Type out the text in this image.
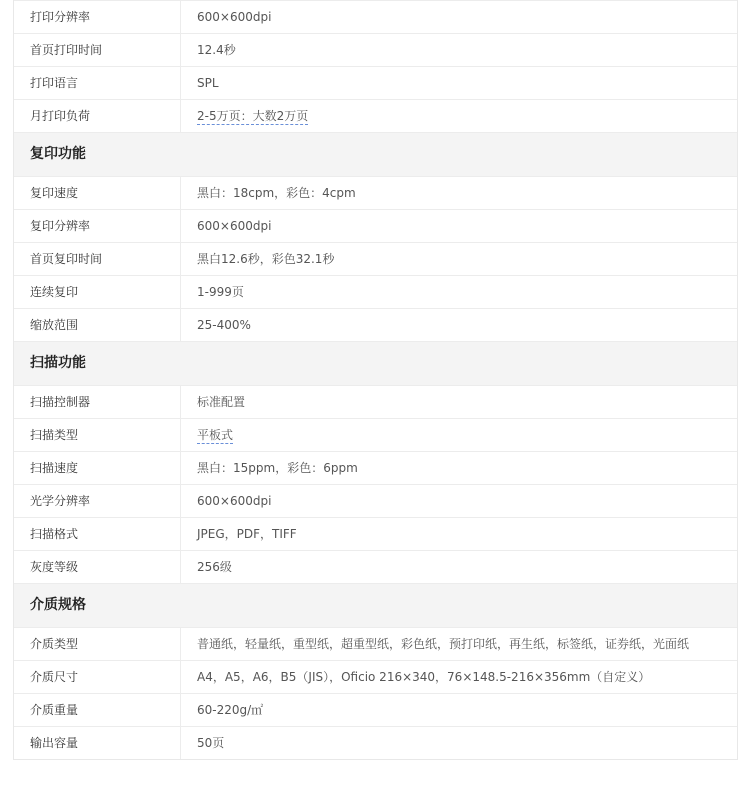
打印分辨率	600×600dpi
首页打印时间	12.4秒
打印语言	SPL
月打印负荷	2-5万页：大数2万页
复印功能
复印速度	黑白：18cpm，彩色：4cpm
复印分辨率	600×600dpi
首页复印时间	黑白12.6秒，彩色32.1秒
连续复印	1-999页
缩放范围	25-400%
扫描功能
扫描控制器	标准配置
扫描类型	平板式
扫描速度	黑白：15ppm，彩色：6ppm
光学分辨率	600×600dpi
扫描格式	JPEG，PDF，TIFF
灰度等级	256级
介质规格
介质类型	普通纸，轻量纸，重型纸，超重型纸，彩色纸，预打印纸，再生纸，标签纸，证券纸，光面纸
介质尺寸	A4，A5，A6，B5（JIS），Oficio 216×340，76×148.5-216×356mm（自定义）
介质重量	60-220g/㎡
输出容量	50页
